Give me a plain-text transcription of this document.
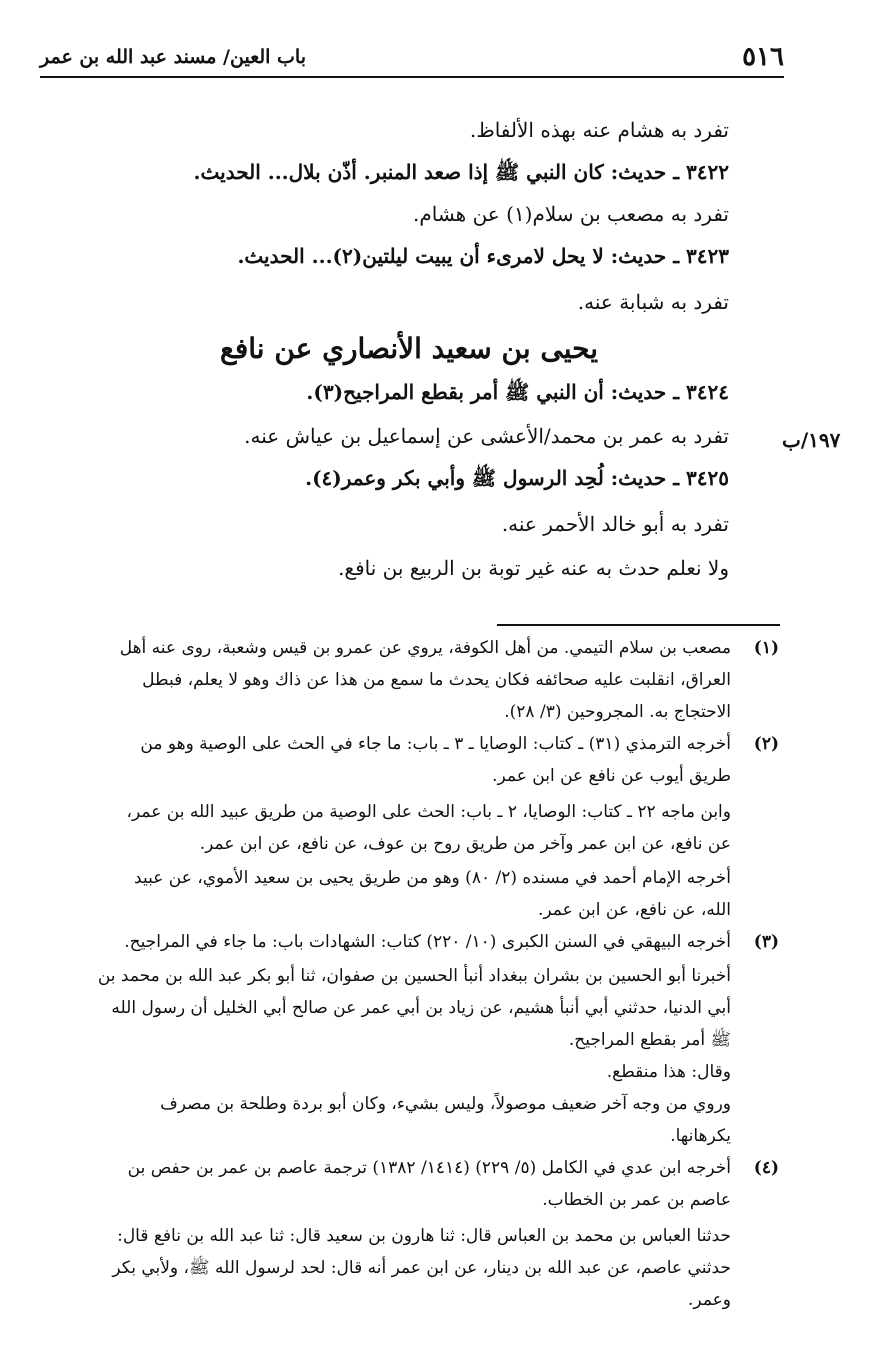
٥١٦
باب العين/ مسند عبد الله بن عمر
تفرد به هشام عنه بهذه الألفاظ.
٣٤٢٢ ـ حديث: كان النبي ﷺ إذا صعد المنبر. أذّن بلال... الحديث.
تفرد به مصعب بن سلام(١) عن هشام.
٣٤٢٣ ـ حديث: لا يحل لامرىء أن يبيت ليلتين(٢)... الحديث.
تفرد به شبابة عنه.
يحيى بن سعيد الأنصاري عن نافع
٣٤٢٤ ـ حديث: أن النبي ﷺ أمر بقطع المراجيح(٣).
تفرد به عمر بن محمد/الأعشى عن إسماعيل بن عياش عنه.
٣٤٢٥ ـ حديث: لُحِد الرسول ﷺ وأبي بكر وعمر(٤).
تفرد به أبو خالد الأحمر عنه.
ولا نعلم حدث به عنه غير توبة بن الربيع بن نافع.
١٩٧/ب
(١)
مصعب بن سلام التيمي. من أهل الكوفة، يروي عن عمرو بن قيس وشعبة، روى عنه أهل
العراق، انقلبت عليه صحائفه فكان يحدث ما سمع من هذا عن ذاك وهو لا يعلم، فبطل
الاحتجاج به. المجروحين (٣/ ٢٨).
(٢)
أخرجه الترمذي (٣١) ـ كتاب: الوصايا ـ ٣ ـ باب: ما جاء في الحث على الوصية وهو من
طريق أيوب عن نافع عن ابن عمر.
وابن ماجه ٢٢ ـ كتاب: الوصايا، ٢ ـ باب: الحث على الوصية من طريق عبيد الله بن عمر،
عن نافع، عن ابن عمر وآخر من طريق روح بن عوف، عن نافع، عن ابن عمر.
أخرجه الإمام أحمد في مسنده (٢/ ٨٠) وهو من طريق يحيى بن سعيد الأموي، عن عبيد
الله، عن نافع، عن ابن عمر.
(٣)
أخرجه البيهقي في السنن الكبرى (١٠/ ٢٢٠) كتاب: الشهادات باب: ما جاء في المراجيح.
أخبرنا أبو الحسين بن بشران ببغداد أنبأ الحسين بن صفوان، ثنا أبو بكر عبد الله بن محمد بن
أبي الدنيا، حدثني أبي أنبأ هشيم، عن زياد بن أبي عمر عن صالح أبي الخليل أن رسول الله
ﷺ أمر بقطع المراجيح.
وقال: هذا منقطع.
وروي من وجه آخر ضعيف موصولاً، وليس بشيء، وكان أبو بردة وطلحة بن مصرف
يكرهانها.
(٤)
أخرجه ابن عدي في الكامل (٥/ ٢٢٩) (١٤١٤/ ١٣٨٢) ترجمة عاصم بن عمر بن حفص بن
عاصم بن عمر بن الخطاب.
حدثنا العباس بن محمد بن العباس قال: ثنا هارون بن سعيد قال: ثنا عبد الله بن نافع قال:
حدثني عاصم، عن عبد الله بن دينار، عن ابن عمر أنه قال: لحد لرسول الله ﷺ، ولأبي بكر
وعمر.
